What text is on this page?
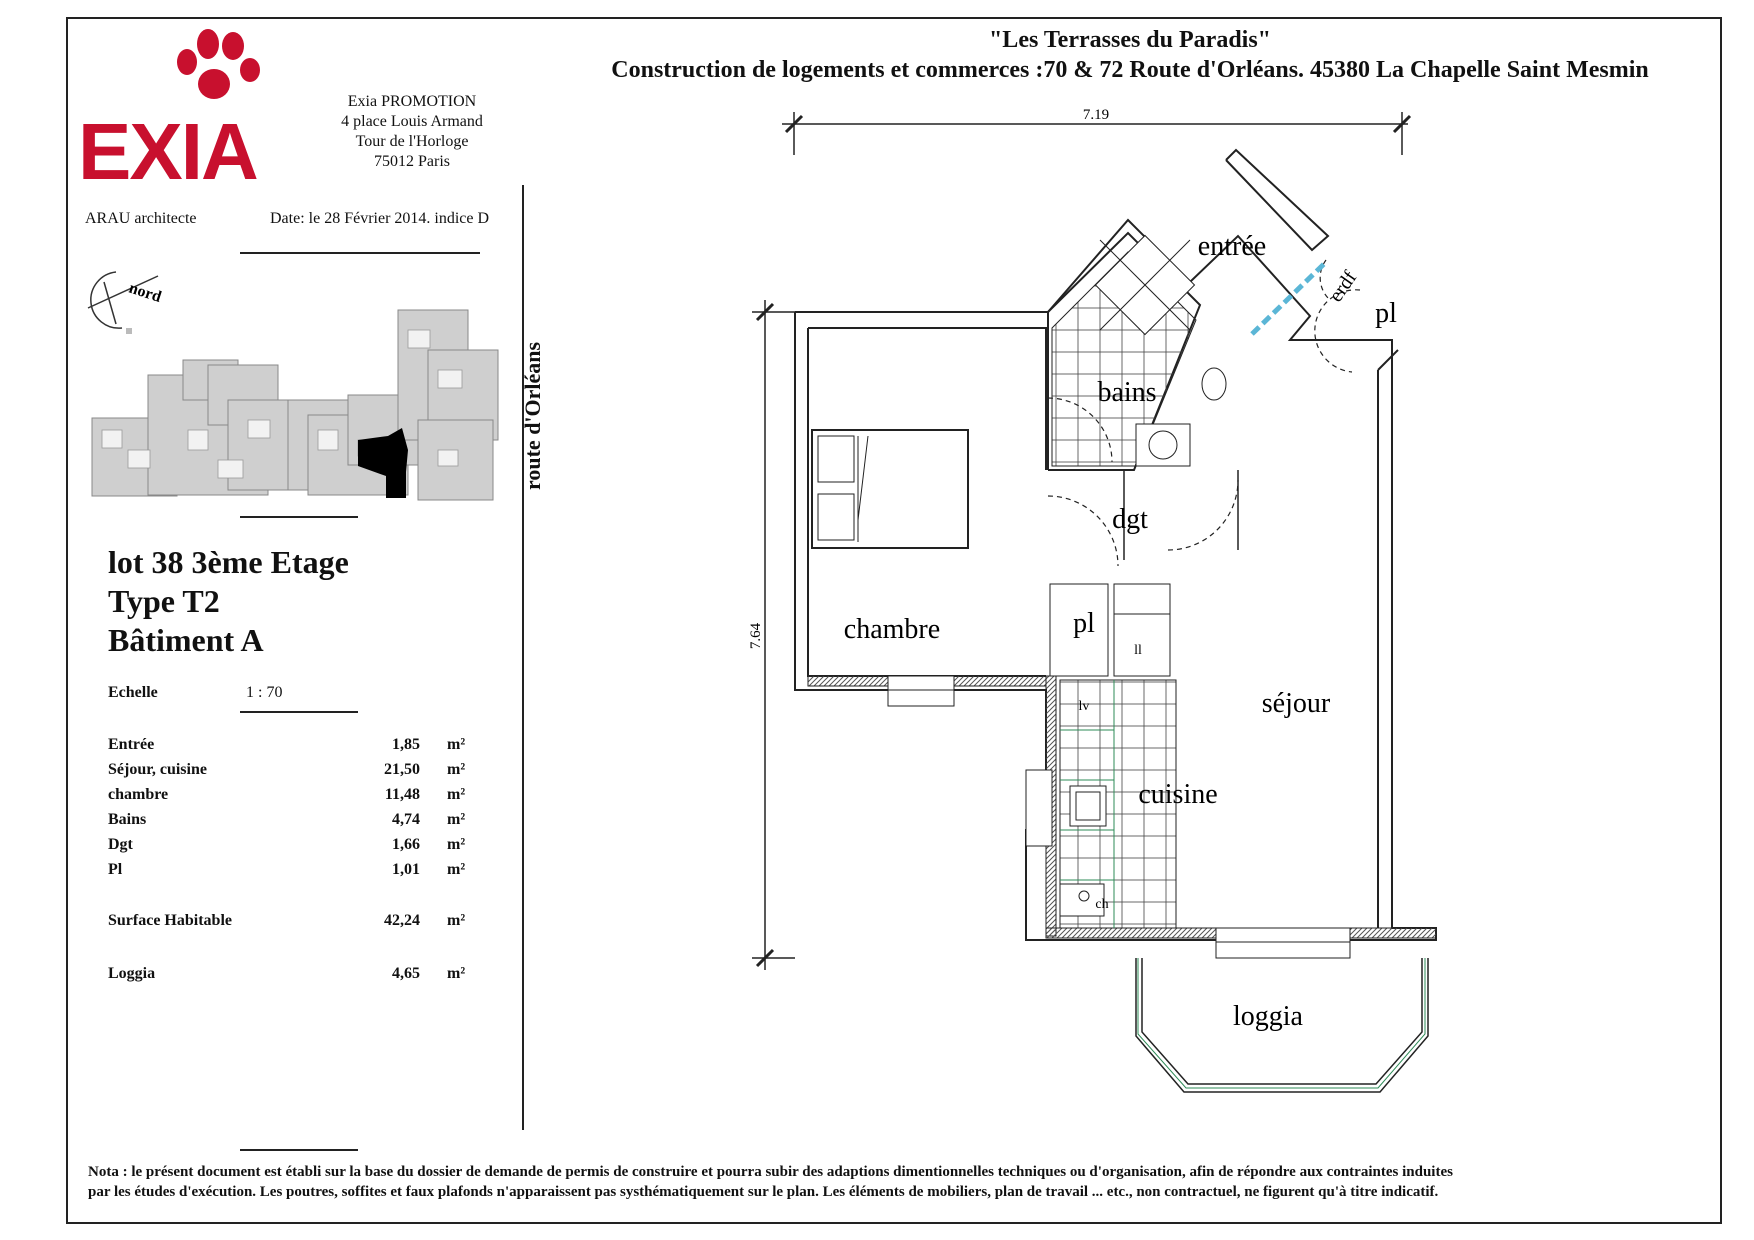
EXIA
Exia PROMOTION
4 place Louis Armand
Tour de l'Horloge
75012 Paris
ARAU architecte	Date: le 28 Février 2014. indice D
nord
lot 38 3ème Etage
Type T2
Bâtiment A
Echelle	1 : 70
Entrée	1,85 m²
Séjour, cuisine	21,50 m²
chambre	11,48 m²
Bains	4,74 m²
Dgt	1,66 m²
Pl	1,01 m²
Surface Habitable	42,24 m²
Loggia	4,65 m²
"Les Terrasses du Paradis"
Construction de logements et commerces :70 & 72 Route d'Orléans. 45380 La Chapelle Saint Mesmin
route d'Orléans
7.19
7.64
entrée
erdf
pl
bains
dgt
chambre	pl
ll
lv	séjour
cuisine
ch
loggia
Nota : le présent document est établi sur la base du dossier de demande de permis de construire et pourra subir des adaptions dimentionnelles techniques ou d'organisation, afin de répondre aux contraintes induites
par les études d'exécution. Les poutres, soffites et faux plafonds n'apparaissent pas systhématiquement sur le plan. Les éléments de mobiliers, plan de travail ... etc., non contractuel, ne figurent qu'à titre indicatif.
